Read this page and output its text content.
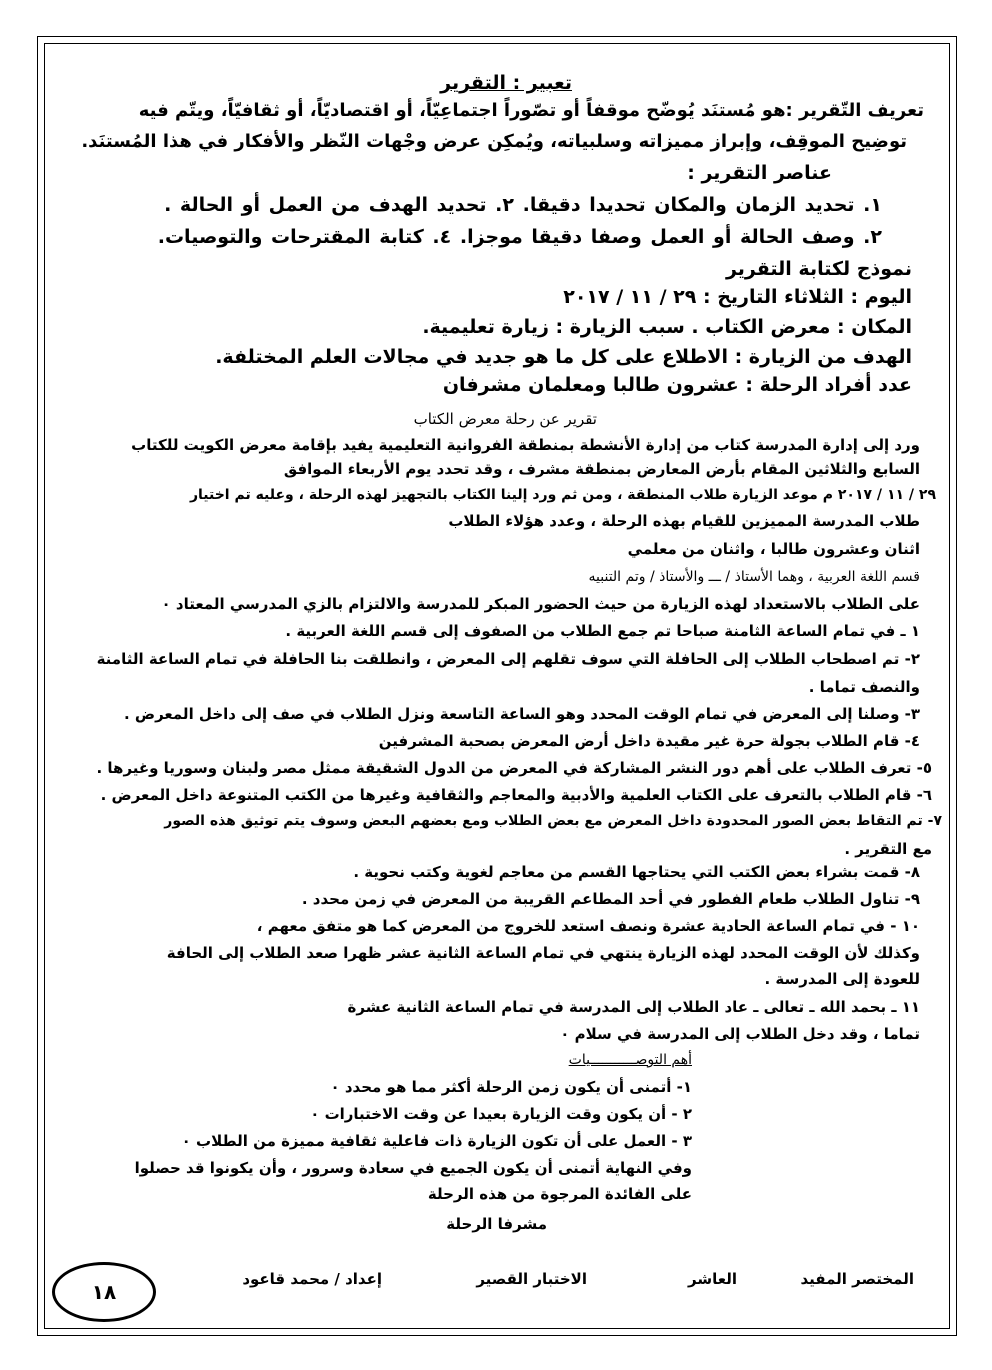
تعبير : التقرير
تعريف التّقرير :هو مُستنَد يُوضّح موقفاً أو تصّوراً اجتماعِيّاً، أو اقتصاديّاً، أو ثقافيّاً، ويتّم فيه
توضِيح الموقِف، وإبراز مميزاته وسلبياته، ويُمكِن عرض وجْهات النّظر والأفكار في هذا المُستنَد.
عناصر التقرير :
١. تحديد الزمان والمكان تحديدا دقيقا. ٢. تحديد الهدف من العمل أو الحالة .
٢. وصف الحالة أو العمل وصفا دقيقا موجزا. ٤. كتابة المقترحات والتوصيات.
نموذج لكتابة التقرير
اليوم : الثلاثاء التاريخ : ٢٩ / ١١ / ٢٠١٧
المكان : معرض الكتاب . سبب الزيارة : زيارة تعليمية.
الهدف من الزيارة : الاطلاع على كل ما هو جديد في مجالات العلم المختلفة.
عدد أفراد الرحلة : عشرون طالبا ومعلمان مشرفان
تقرير عن رحلة معرض الكتاب
ورد إلى إدارة المدرسة كتاب من إدارة الأنشطة بمنطقة الفروانية التعليمية يفيد بإقامة معرض الكويت للكتاب
السابع والثلاثين المقام بأرض المعارض بمنطقة مشرف ، وقد تحدد يوم الأربعاء الموافق
٢٩ / ١١ / ٢٠١٧ م موعد الزيارة طلاب المنطقة ، ومن ثم ورد إلينا الكتاب بالتجهيز لهذه الرحلة ، وعليه تم اختيار
طلاب المدرسة المميزين للقيام بهذه الرحلة ، وعدد هؤلاء الطلاب
اثنان وعشرون طالبا ، واثنان من معلمي
قسم اللغة العربية ، وهما الأستاذ / ـــ والأستاذ / وتم التنبيه
على الطلاب بالاستعداد لهذه الزيارة من حيث الحضور المبكر للمدرسة والالتزام بالزي المدرسي المعتاد ٠
١ ـ في تمام الساعة الثامنة صباحا تم جمع الطلاب من الصفوف إلى قسم اللغة العربية .
٢- تم اصطحاب الطلاب إلى الحافلة التي سوف تقلهم إلى المعرض ، وانطلقت بنا الحافلة في تمام الساعة الثامنة
والنصف تماما .
٣- وصلنا إلى المعرض في تمام الوقت المحدد وهو الساعة التاسعة ونزل الطلاب في صف إلى داخل المعرض .
٤- قام الطلاب بجولة حرة غير مقيدة داخل أرض المعرض بصحبة المشرفين
٥- تعرف الطلاب على أهم دور النشر المشاركة في المعرض من الدول الشقيقة ممثل مصر ولبنان وسوريا وغيرها .
٦- قام الطلاب بالتعرف على الكتاب العلمية والأدبية والمعاجم والثقافية وغيرها من الكتب المتنوعة داخل المعرض .
٧- تم التقاط بعض الصور المحدودة داخل المعرض مع بعض الطلاب ومع بعضهم البعض وسوف يتم توثيق هذه الصور
مع التقرير .
٨- قمت بشراء بعض الكتب التي يحتاجها القسم من معاجم لغوية وكتب نحوية .
٩- تناول الطلاب طعام الفطور في أحد المطاعم القريبة من المعرض في زمن محدد .
١٠ - في تمام الساعة الحادية عشرة ونصف استعد للخروج من المعرض كما هو متفق معهم ،
وكذلك لأن الوقت المحدد لهذه الزيارة ينتهي في تمام الساعة الثانية عشر ظهرا صعد الطلاب إلى الحافة
للعودة إلى المدرسة .
١١ ـ بحمد الله ـ تعالى ـ عاد الطلاب إلى المدرسة في تمام الساعة الثانية عشرة
تماما ، وقد دخل الطلاب إلى المدرسة في سلام ٠
أهم التوصـــــــــــيات
١- أتمنى أن يكون زمن الرحلة أكثر مما هو محدد ٠
٢ - أن يكون وقت الزيارة بعيدا عن وقت الاختبارات ٠
٣ - العمل على أن تكون الزيارة ذات فاعلية ثقافية مميزة من الطلاب ٠
وفي النهاية أتمنى أن يكون الجميع في سعادة وسرور ، وأن يكونوا قد حصلوا
على الفائدة المرجوة من هذه الرحلة
مشرفا الرحلة
المختصر المفيد
العاشر
الاختبار القصير
إعداد / محمد قاعود
١٨
